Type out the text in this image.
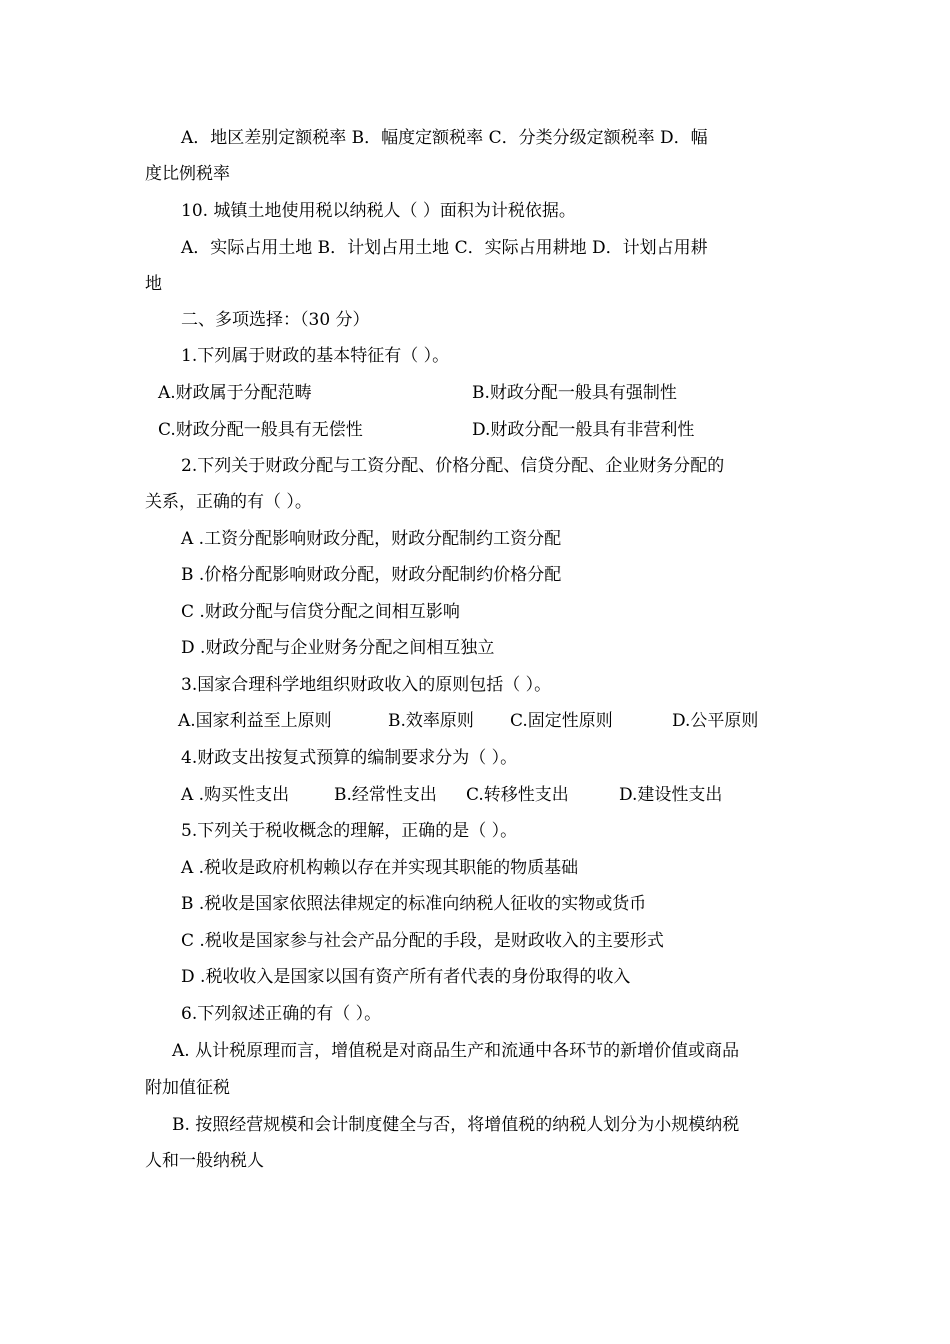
A．地区差别定额税率 B．幅度定额税率 C．分类分级定额税率 D．幅
度比例税率
10. 城镇土地使用税以纳税人（ ）面积为计税依据。
A．实际占用土地 B．计划占用土地 C．实际占用耕地 D．计划占用耕
地
二、多项选择：（30 分）
1.下列属于财政的基本特征有（ ）。
A.财政属于分配范畴	B.财政分配一般具有强制性
C.财政分配一般具有无偿性	D.财政分配一般具有非营利性
2.下列关于财政分配与工资分配、价格分配、信贷分配、企业财务分配的
关系，正确的有（ ）。
A .工资分配影响财政分配，财政分配制约工资分配
B .价格分配影响财政分配，财政分配制约价格分配
C .财政分配与信贷分配之间相互影响
D .财政分配与企业财务分配之间相互独立
3.国家合理科学地组织财政收入的原则包括（ ）。
A.国家利益至上原则	B.效率原则 C.固定性原则	D.公平原则
4.财政支出按复式预算的编制要求分为（ ）。
A .购买性支出	B.经常性支出 C.转移性支出	D.建设性支出
5.下列关于税收概念的理解，正确的是（ ）。
A .税收是政府机构赖以存在并实现其职能的物质基础
B .税收是国家依照法律规定的标准向纳税人征收的实物或货币
C .税收是国家参与社会产品分配的手段，是财政收入的主要形式
D .税收收入是国家以国有资产所有者代表的身份取得的收入
6.下列叙述正确的有（ ）。
A. 从计税原理而言，增值税是对商品生产和流通中各环节的新增价值或商品
附加值征税
B. 按照经营规模和会计制度健全与否，将增值税的纳税人划分为小规模纳税
人和一般纳税人
